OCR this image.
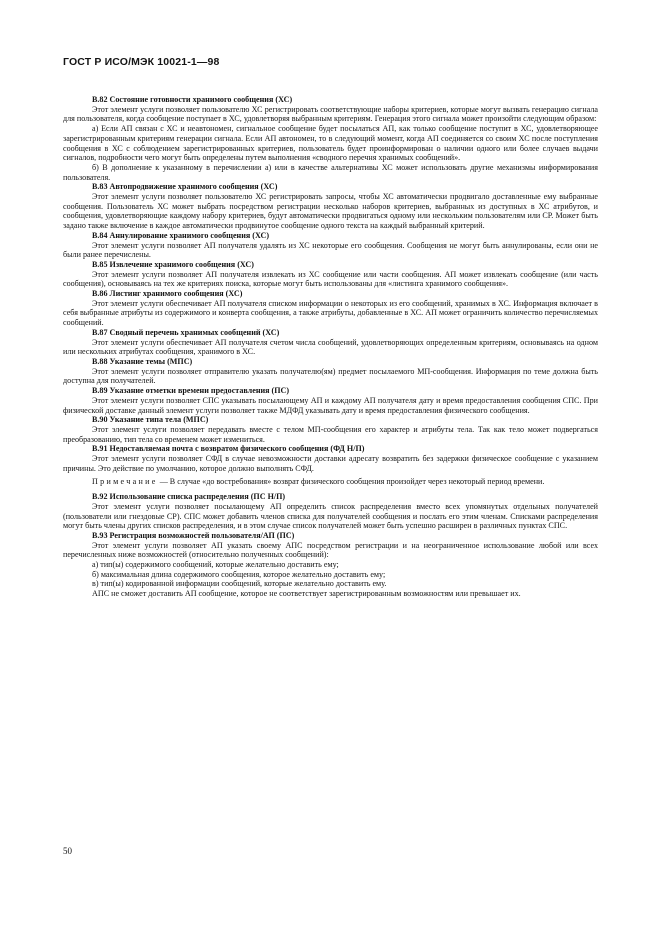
ГОСТ Р ИСО/МЭК 10021-1—98
В.82 Состояние готовности хранимого сообщения (ХС)
Этот элемент услуги позволяет пользователю ХС регистрировать соответствующие наборы критериев, которые могут вызвать генерацию сигнала для пользователя, когда сообщение поступает в ХС, удовлетворяя выбранным критериям. Генерация этого сигнала может произойти следующим образом:
а) Если АП связан с ХС и неавтономен, сигнальное сообщение будет посылаться АП, как только сообщение поступит в ХС, удовлетворяющее зарегистрированным критериям генерации сигнала. Если АП автономен, то в следующий момент, когда АП соединяется со своим ХС после поступления сообщения в ХС с соблюдением зарегистрированных критериев, пользователь будет проинформирован о наличии одного или более случаев выдачи сигналов, подробности чего могут быть определены путем выполнения «сводного перечня хранимых сообщений».
б) В дополнение к указанному в перечислении а) или в качестве альтернативы ХС может использовать другие механизмы информирования пользователя.
В.83 Автопродвижение хранимого сообщения (ХС)
Этот элемент услуги позволяет пользователю ХС регистрировать запросы, чтобы ХС автоматически продвигало доставленные ему выбранные сообщения. Пользователь ХС может выбрать посредством регистрации несколько наборов критериев, выбранных из доступных в ХС атрибутов, и сообщения, удовлетворяющие каждому набору критериев, будут автоматически продвигаться одному или нескольким пользователям или СР. Может быть задано также включение в каждое автоматически продвинутое сообщение одного текста на каждый выбранный критерий.
В.84 Аннулирование хранимого сообщения (ХС)
Этот элемент услуги позволяет АП получателя удалять из ХС некоторые его сообщения. Сообщения не могут быть аннулированы, если они не были ранее перечислены.
В.85 Извлечение хранимого сообщения (ХС)
Этот элемент услуги позволяет АП получателя извлекать из ХС сообщение или части сообщения. АП может извлекать сообщение (или часть сообщения), основываясь на тех же критериях поиска, которые могут быть использованы для «листинга хранимого сообщения».
В.86 Листинг хранимого сообщения (ХС)
Этот элемент услуги обеспечивает АП получателя списком информации о некоторых из его сообщений, хранимых в ХС. Информация включает в себя выбранные атрибуты из содержимого и конверта сообщения, а также атрибуты, добавленные в ХС. АП может ограничить количество перечисляемых сообщений.
В.87 Сводный перечень хранимых сообщений (ХС)
Этот элемент услуги обеспечивает АП получателя счетом числа сообщений, удовлетворяющих определенным критериям, основываясь на одном или нескольких атрибутах сообщения, хранимого в ХС.
В.88 Указание темы (МПС)
Этот элемент услуги позволяет отправителю указать получателю(ям) предмет посылаемого МП-сообщения. Информация по теме должна быть доступна для получателей.
В.89 Указание отметки времени предоставления (ПС)
Этот элемент услуги позволяет СПС указывать посылающему АП и каждому АП получателя дату и время предоставления сообщения СПС. При физической доставке данный элемент услуги позволяет также МДФД указывать дату и время предоставления физического сообщения.
В.90 Указание типа тела (МПС)
Этот элемент услуги позволяет передавать вместе с телом МП-сообщения его характер и атрибуты тела. Так как тело может подвергаться преобразованию, тип тела со временем может измениться.
В.91 Недоставляемая почта с возвратом физического сообщения (ФД Н/П)
Этот элемент услуги позволяет СФД в случае невозможности доставки адресату возвратить без задержки физическое сообщение с указанием причины. Это действие по умолчанию, которое должно выполнять СФД.
Примечание — В случае «до востребования» возврат физического сообщения произойдет через некоторый период времени.
В.92 Использование списка распределения (ПС Н/П)
Этот элемент услуги позволяет посылающему АП определить список распределения вместо всех упомянутых отдельных получателей (пользователи или гнездовые СР). СПС может добавить членов списка для получателей сообщения и послать его этим членам. Списками распределения могут быть члены других списков распределения, и в этом случае список получателей может быть успешно расширен в различных пунктах СПС.
В.93 Регистрация возможностей пользователя/АП (ПС)
Этот элемент услуги позволяет АП указать своему АПС посредством регистрации и на неограниченное использование любой или всех перечисленных ниже возможностей (относительно полученных сообщений):
а) тип(ы) содержимого сообщений, которые желательно доставить ему;
б) максимальная длина содержимого сообщения, которое желательно доставить ему;
в) тип(ы) кодированной информации сообщений, которые желательно доставить ему.
АПС не сможет доставить АП сообщение, которое не соответствует зарегистрированным возможностям или превышает их.
50
